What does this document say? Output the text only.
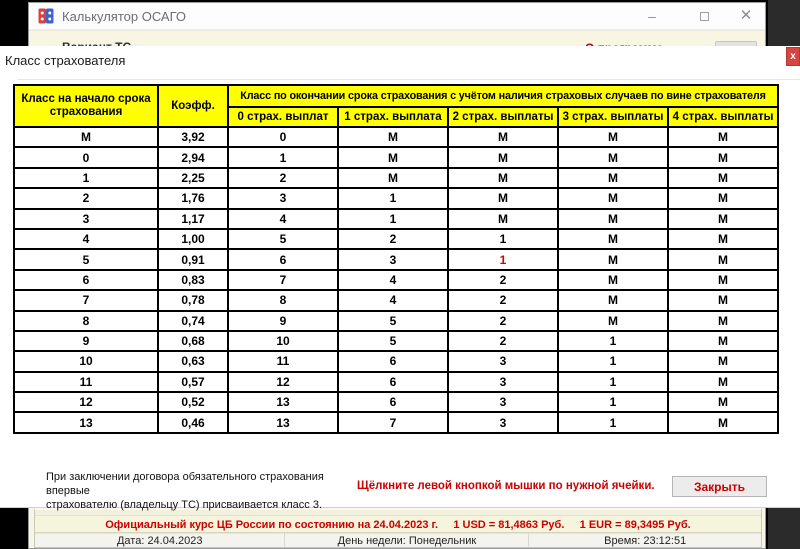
Калькулятор ОСАГО	–	✕
Официальный курс ЦБ России по состоянию на 24.04.2023 г.     1 USD = 81,4863 Руб.     1 EUR = 89,3495 Руб.
Дата: 24.04.2023	День недели: Понедельник	Время: 23:12:51
Класс страхователя	x
Класс на начало срока страхования	Коэфф.	Класс по окончании срока страхования с учётом наличия страховых случаев по вине страхователя				
		0 страх. выплат	1 страх. выплата	2 страх. выплаты	3 страх. выплаты	4 страх. выплаты
М	3,92	0	М	М	М	М
0	2,94	1	М	М	М	М
1	2,25	2	М	М	М	М
2	1,76	3	1	М	М	М
3	1,17	4	1	М	М	М
4	1,00	5	2	1	М	М
5	0,91	6	3	1	М	М
6	0,83	7	4	2	М	М
7	0,78	8	4	2	М	М
8	0,74	9	5	2	М	М
9	0,68	10	5	2	1	М
10	0,63	11	6	3	1	М
11	0,57	12	6	3	1	М
12	0,52	13	6	3	1	М
13	0,46	13	7	3	1	М
При заключении договора обязательного страхования впервые
страхователю (владельцу ТС) присваивается класс 3.
Щёлкните левой кнопкой мышки по нужной ячейки.	Закрыть
